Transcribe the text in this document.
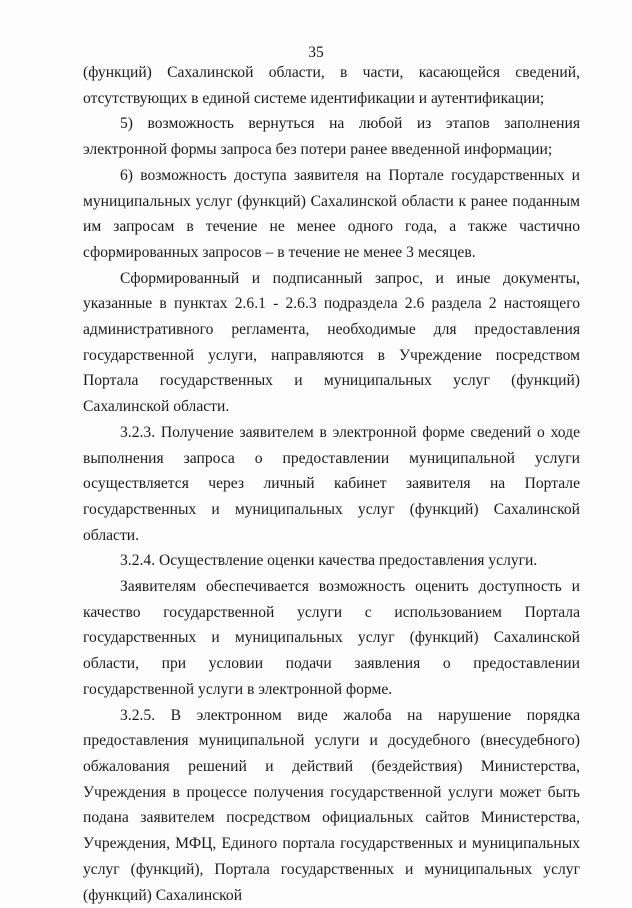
35

(функций) Сахалинской области, в части, касающейся сведений, отсутствующих в единой системе идентификации и аутентификации;

5) возможность вернуться на любой из этапов заполнения электронной формы запроса без потери ранее введенной информации;

6) возможность доступа заявителя на Портале государственных и муниципальных услуг (функций) Сахалинской области к ранее поданным им запросам в течение не менее одного года, а также частично сформированных запросов – в течение не менее 3 месяцев.

Сформированный и подписанный запрос, и иные документы, указанные в пунктах 2.6.1 - 2.6.3 подраздела 2.6 раздела 2 настоящего административного регламента, необходимые для предоставления государственной услуги, направляются в Учреждение посредством Портала государственных и муниципальных услуг (функций) Сахалинской области.

3.2.3. Получение заявителем в электронной форме сведений о ходе выполнения запроса о предоставлении муниципальной услуги осуществляется через личный кабинет заявителя на Портале государственных и муниципальных услуг (функций) Сахалинской области.

3.2.4. Осуществление оценки качества предоставления услуги.

Заявителям обеспечивается возможность оценить доступность и качество государственной услуги с использованием Портала государственных и муниципальных услуг (функций) Сахалинской области, при условии подачи заявления о предоставлении государственной услуги в электронной форме.

3.2.5. В электронном виде жалоба на нарушение порядка предоставления муниципальной услуги и досудебного (внесудебного) обжалования решений и действий (бездействия) Министерства, Учреждения в процессе получения государственной услуги может быть подана заявителем посредством официальных сайтов Министерства, Учреждения, МФЦ, Единого портала государственных и муниципальных услуг (функций), Портала государственных и муниципальных услуг (функций) Сахалинской
